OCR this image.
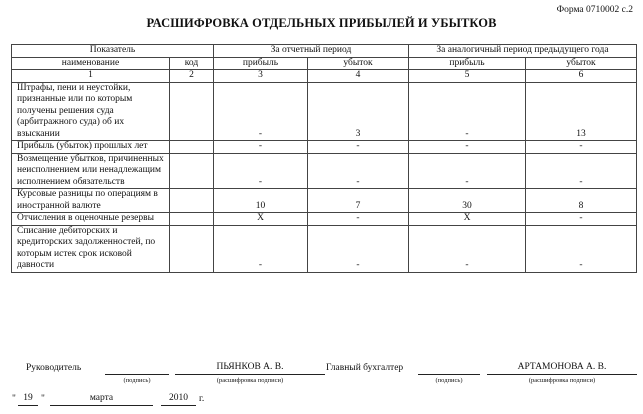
Форма 0710002 с.2
РАСШИФРОВКА ОТДЕЛЬНЫХ ПРИБЫЛЕЙ И УБЫТКОВ
Показатель		За отчетный период		За аналогичный период предыдущего года	
наименование	код	прибыль	убыток	прибыль	убыток
1	2	3	4	5	6
Штрафы, пени и неустойки, признанные или по которым получены решения суда (арбитражного суда) об их взыскании		-	3	-	13
Прибыль (убыток) прошлых лет		-	-	-	-
Возмещение убытков, причиненных неисполнением или ненадлежащим исполнением обязательств		-	-	-	-
Курсовые разницы по операциям в иностранной валюте		10	7	30	8
Отчисления в оценочные резервы		X	-	X	-
Списание дебиторских и кредиторских задолженностей, по которым истек срок исковой давности		-	-	-	-
Руководитель
(подпись)
ПЬЯНКОВ А. В.
(расшифровка подписи)
Главный бухгалтер
(подпись)
АРТАМОНОВА А. В.
(расшифровка подписи)
" 19 "	марта	2010	г.
